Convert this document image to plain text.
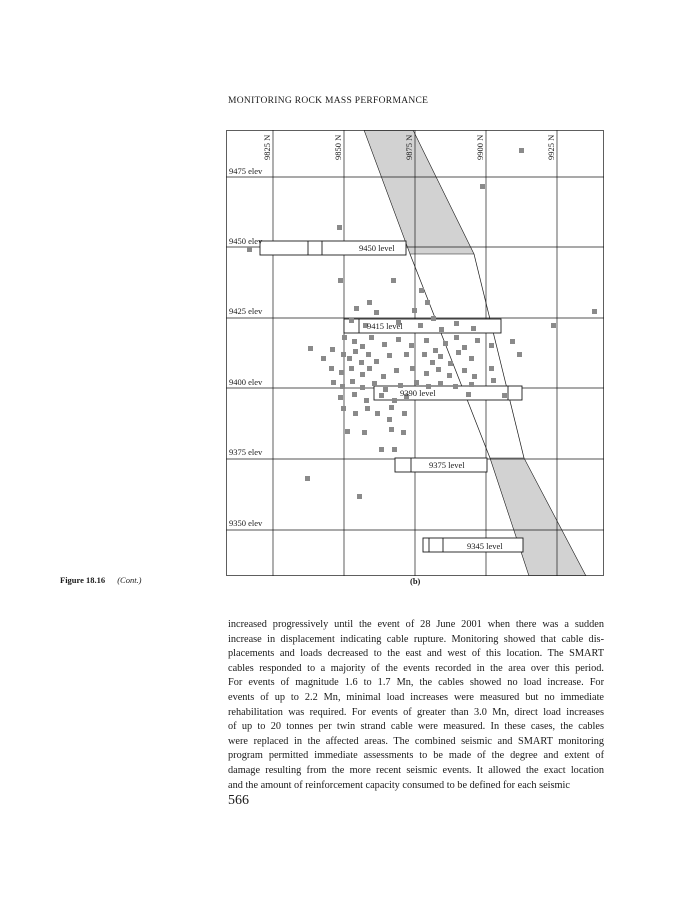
MONITORING ROCK MASS PERFORMANCE
9825 N	9850 N	9875 N	9900 N	9925 N
9475 elev
9450 elev
9425 elev
9400 elev
9375 elev
9350 elev
9450 level
9415 level
9390 level
9375 level
9345 level
Figure 18.16 (Cont.)	(b)
increased progressively until the event of 28 June 2001 when there was a sudden
increase in displacement indicating cable rupture. Monitoring showed that cable dis-
placements and loads decreased to the east and west of this location. The SMART
cables responded to a majority of the events recorded in the area over this period.
For events of magnitude 1.6 to 1.7 Mn, the cables showed no load increase. For
events of up to 2.2 Mn, minimal load increases were measured but no immediate
rehabilitation was required. For events of greater than 3.0 Mn, direct load increases
of up to 20 tonnes per twin strand cable were measured. In these cases, the cables
were replaced in the affected areas. The combined seismic and SMART monitoring
program permitted immediate assessments to be made of the degree and extent of
damage resulting from the more recent seismic events. It allowed the exact location
and the amount of reinforcement capacity consumed to be defined for each seismic
566
